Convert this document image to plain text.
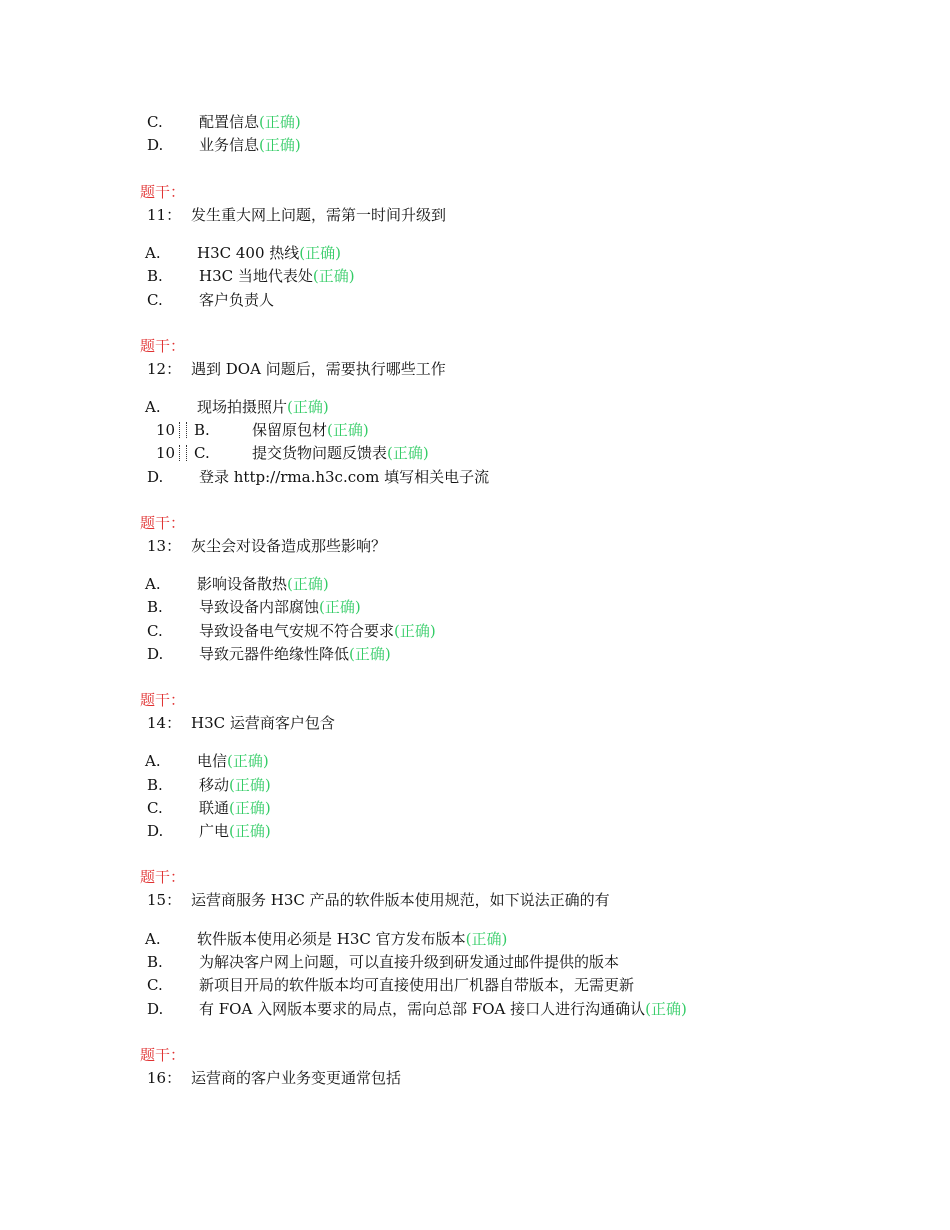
C. 配置信息(正确)
D. 业务信息(正确)
题干：
11： 发生重大网上问题，需第一时间升级到
A. H3C 400 热线(正确)
B. H3C 当地代表处(正确)
C. 客户负责人
题干：
12： 遇到 DOA 问题后，需要执行哪些工作
A. 现场拍摄照片(正确)
10 B.	保留原包材(正确)
10 C.	提交货物问题反馈表(正确)
D. 登录 http://rma.h3c.com 填写相关电子流
题干：
13： 灰尘会对设备造成那些影响？
A. 影响设备散热(正确)
B. 导致设备内部腐蚀(正确)
C. 导致设备电气安规不符合要求(正确)
D. 导致元器件绝缘性降低(正确)
题干：
14： H3C 运营商客户包含
A. 电信(正确)
B. 移动(正确)
C. 联通(正确)
D. 广电(正确)
题干：
15： 运营商服务 H3C 产品的软件版本使用规范，如下说法正确的有
A. 软件版本使用必须是 H3C 官方发布版本(正确)
B. 为解决客户网上问题，可以直接升级到研发通过邮件提供的版本
C. 新项目开局的软件版本均可直接使用出厂机器自带版本，无需更新
D. 有 FOA 入网版本要求的局点，需向总部 FOA 接口人进行沟通确认(正确)
题干：
16： 运营商的客户业务变更通常包括
